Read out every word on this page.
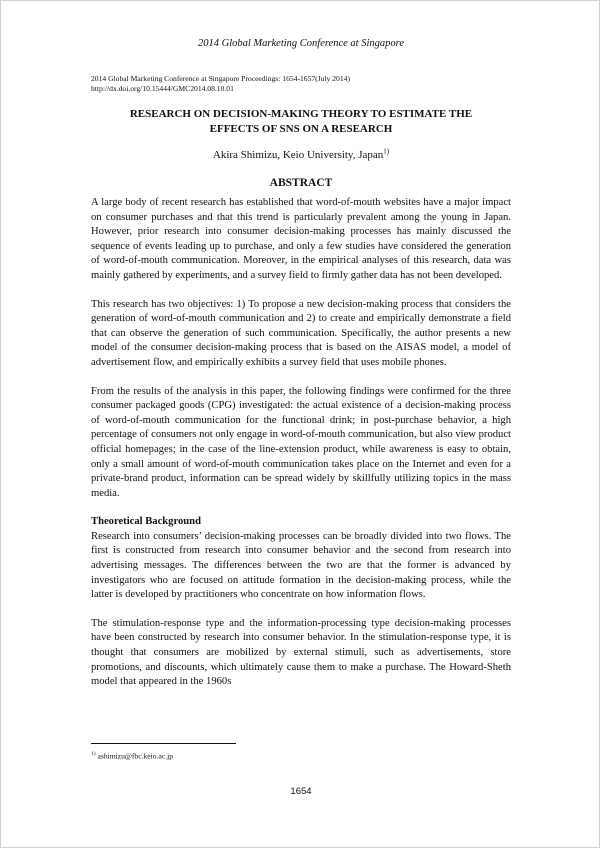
2014 Global Marketing Conference at Singapore
2014 Global Marketing Conference at Singapore Proceedings: 1654-1657(July 2014)
http://dx.doi.org/10.15444/GMC2014.08.10.01
RESEARCH ON DECISION-MAKING THEORY TO ESTIMATE THE
EFFECTS OF SNS ON A RESEARCH
Akira Shimizu, Keio University, Japan$^{1)}$
ABSTRACT

A large body of recent research has established that word-of-mouth websites have a major impact on consumer purchases and that this trend is particularly prevalent among the young in Japan. However, prior research into consumer decision-making processes has mainly discussed the sequence of events leading up to purchase, and only a few studies have considered the generation of word-of-mouth communication. Moreover, in the empirical analyses of this research, data was mainly gathered by experiments, and a survey field to firmly gather data has not been developed.

This research has two objectives: 1) To propose a new decision-making process that considers the generation of word-of-mouth communication and 2) to create and empirically demonstrate a field that can observe the generation of such communication. Specifically, the author presents a new model of the consumer decision-making process that is based on the AISAS model, a model of advertisement flow, and empirically exhibits a survey field that uses mobile phones.

From the results of the analysis in this paper, the following findings were confirmed for the three consumer packaged goods (CPG) investigated: the actual existence of a decision-making process of word-of-mouth communication for the functional drink; in post-purchase behavior, a high percentage of consumers not only engage in word-of-mouth communication, but also view product official homepages; in the case of the line-extension product, while awareness is easy to obtain, only a small amount of word-of-mouth communication takes place on the Internet and even for a private-brand product, information can be spread widely by skillfully utilizing topics in the mass media.

Theoretical Background

Research into consumers’ decision-making processes can be broadly divided into two flows. The first is constructed from research into consumer behavior and the second from research into advertising messages. The differences between the two are that the former is advanced by investigators who are focused on attitude formation in the decision-making process, while the latter is developed by practitioners who concentrate on how information flows.

The stimulation-response type and the information-processing type decision-making processes have been constructed by research into consumer behavior. In the stimulation-response type, it is thought that consumers are mobilized by external stimuli, such as advertisements, store promotions, and discounts, which ultimately cause them to make a purchase. The Howard-Sheth model that appeared in the 1960s

$^{1)}$ ashimizu@fbc.keio.ac.jp
1654
